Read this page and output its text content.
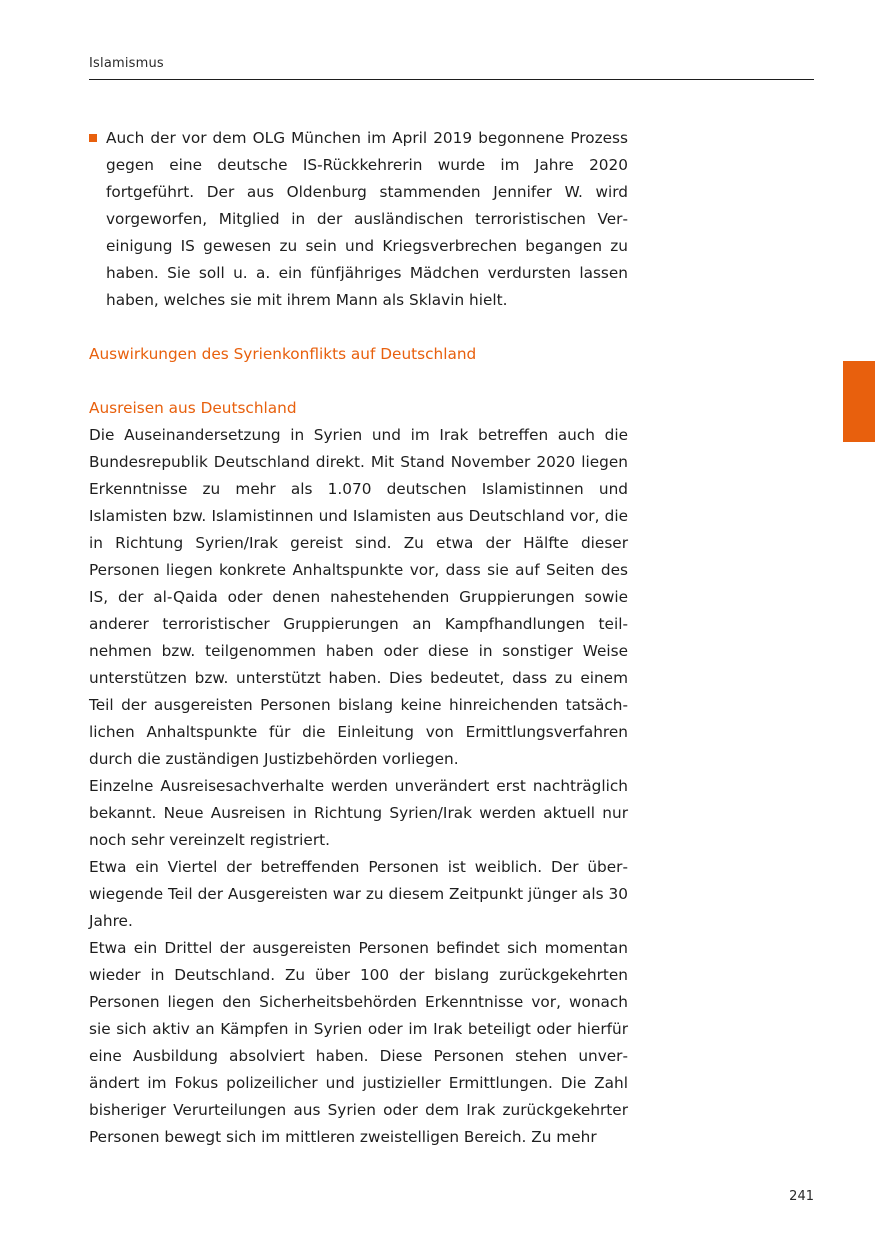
Islamismus
Auch der vor dem OLG München im April 2019 begonnene Prozess gegen eine deutsche IS-Rückkehrerin wurde im Jahre 2020 fortgeführt. Der aus Oldenburg stammenden Jennifer W. wird vorgeworfen, Mitglied in der ausländischen terroristischen Vereinigung IS gewesen zu sein und Kriegsverbrechen begangen zu haben. Sie soll u. a. ein fünfjähriges Mädchen verdursten lassen haben, welches sie mit ihrem Mann als Sklavin hielt.
Auswirkungen des Syrienkonflikts auf Deutschland
Ausreisen aus Deutschland

Die Auseinandersetzung in Syrien und im Irak betreffen auch die Bundesrepublik Deutschland direkt. Mit Stand November 2020 liegen Erkenntnisse zu mehr als 1.070 deutschen Islamistinnen und Islamisten bzw. Islamistinnen und Islamisten aus Deutschland vor, die in Richtung Syrien/Irak gereist sind. Zu etwa der Hälfte dieser Personen liegen konkrete Anhaltspunkte vor, dass sie auf Seiten des IS, der al-Qaida oder denen nahestehenden Gruppierungen sowie anderer terroristischer Gruppierungen an Kampfhandlungen teilnehmen bzw. teilgenommen haben oder diese in sonstiger Weise unterstützen bzw. unterstützt haben. Dies bedeutet, dass zu einem Teil der ausgereisten Personen bislang keine hinreichenden tatsächlichen Anhaltspunkte für die Einleitung von Ermittlungsverfahren durch die zuständigen Justizbehörden vorliegen.

Einzelne Ausreisesachverhalte werden unverändert erst nachträglich bekannt. Neue Ausreisen in Richtung Syrien/Irak werden aktuell nur noch sehr vereinzelt registriert.

Etwa ein Viertel der betreffenden Personen ist weiblich. Der überwiegende Teil der Ausgereisten war zu diesem Zeitpunkt jünger als 30 Jahre.

Etwa ein Drittel der ausgereisten Personen befindet sich momentan wieder in Deutschland. Zu über 100 der bislang zurückgekehrten Personen liegen den Sicherheitsbehörden Erkenntnisse vor, wonach sie sich aktiv an Kämpfen in Syrien oder im Irak beteiligt oder hierfür eine Ausbildung absolviert haben. Diese Personen stehen unverändert im Fokus polizeilicher und justizieller Ermittlungen. Die Zahl bisheriger Verurteilungen aus Syrien oder dem Irak zurückgekehrter Personen bewegt sich im mittleren zweistelligen Bereich. Zu mehr

241
